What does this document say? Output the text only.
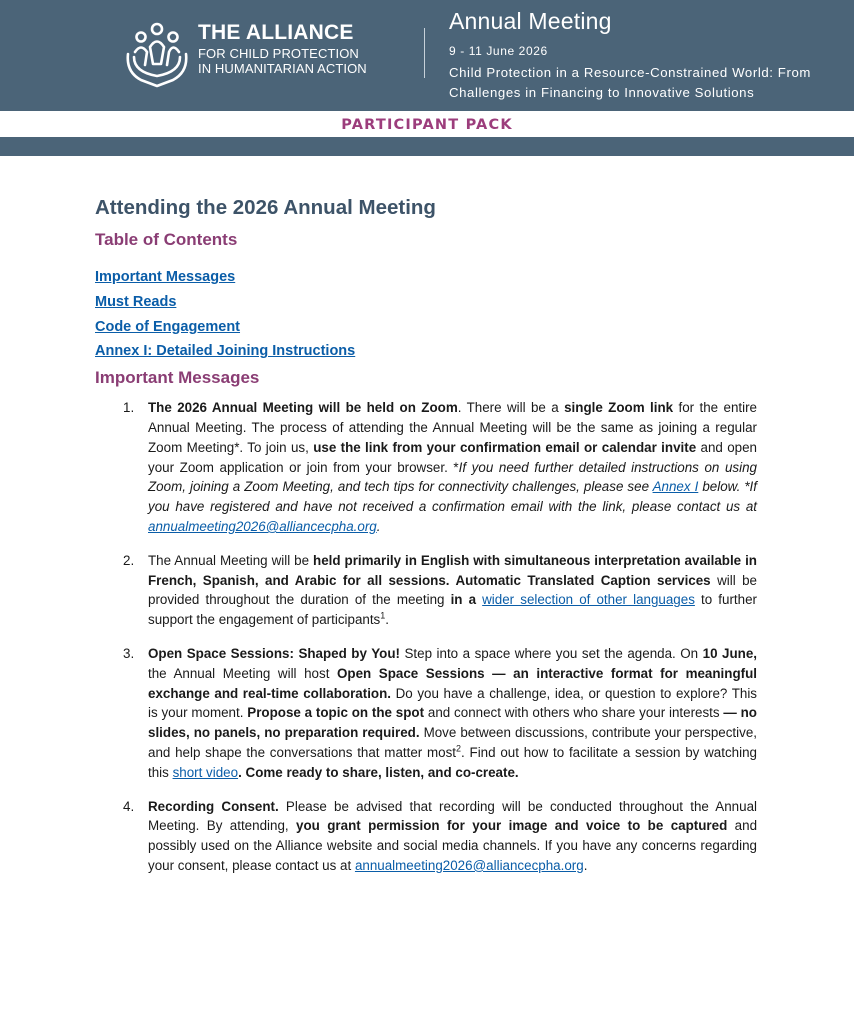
THE ALLIANCE
FOR CHILD PROTECTION
IN HUMANITARIAN ACTION
Annual Meeting
9 - 11 June 2026
Child Protection in a Resource-Constrained World: From Challenges in Financing to Innovative Solutions
PARTICIPANT PACK
Attending the 2026 Annual Meeting
Table of Contents
Important Messages
Must Reads
Code of Engagement
Annex I: Detailed Joining Instructions
Important Messages
1. The 2026 Annual Meeting will be held on Zoom. There will be a single Zoom link for the entire Annual Meeting. The process of attending the Annual Meeting will be the same as joining a regular Zoom Meeting*. To join us, use the link from your confirmation email or calendar invite and open your Zoom application or join from your browser. *If you need further detailed instructions on using Zoom, joining a Zoom Meeting, and tech tips for connectivity challenges, please see Annex I below. *If you have registered and have not received a confirmation email with the link, please contact us at annualmeeting2026@alliancecpha.org.
2. The Annual Meeting will be held primarily in English with simultaneous interpretation available in French, Spanish, and Arabic for all sessions. Automatic Translated Caption services will be provided throughout the duration of the meeting in a wider selection of other languages to further support the engagement of participants$^1$.
3. Open Space Sessions: Shaped by You! Step into a space where you set the agenda. On 10 June, the Annual Meeting will host Open Space Sessions — an interactive format for meaningful exchange and real-time collaboration. Do you have a challenge, idea, or question to explore? This is your moment. Propose a topic on the spot and connect with others who share your interests — no slides, no panels, no preparation required. Move between discussions, contribute your perspective, and help shape the conversations that matter most$^2$. Find out how to facilitate a session by watching this short video. Come ready to share, listen, and co-create.
4. Recording Consent. Please be advised that recording will be conducted throughout the Annual Meeting. By attending, you grant permission for your image and voice to be captured and possibly used on the Alliance website and social media channels. If you have any concerns regarding your consent, please contact us at annualmeeting2026@alliancecpha.org.
